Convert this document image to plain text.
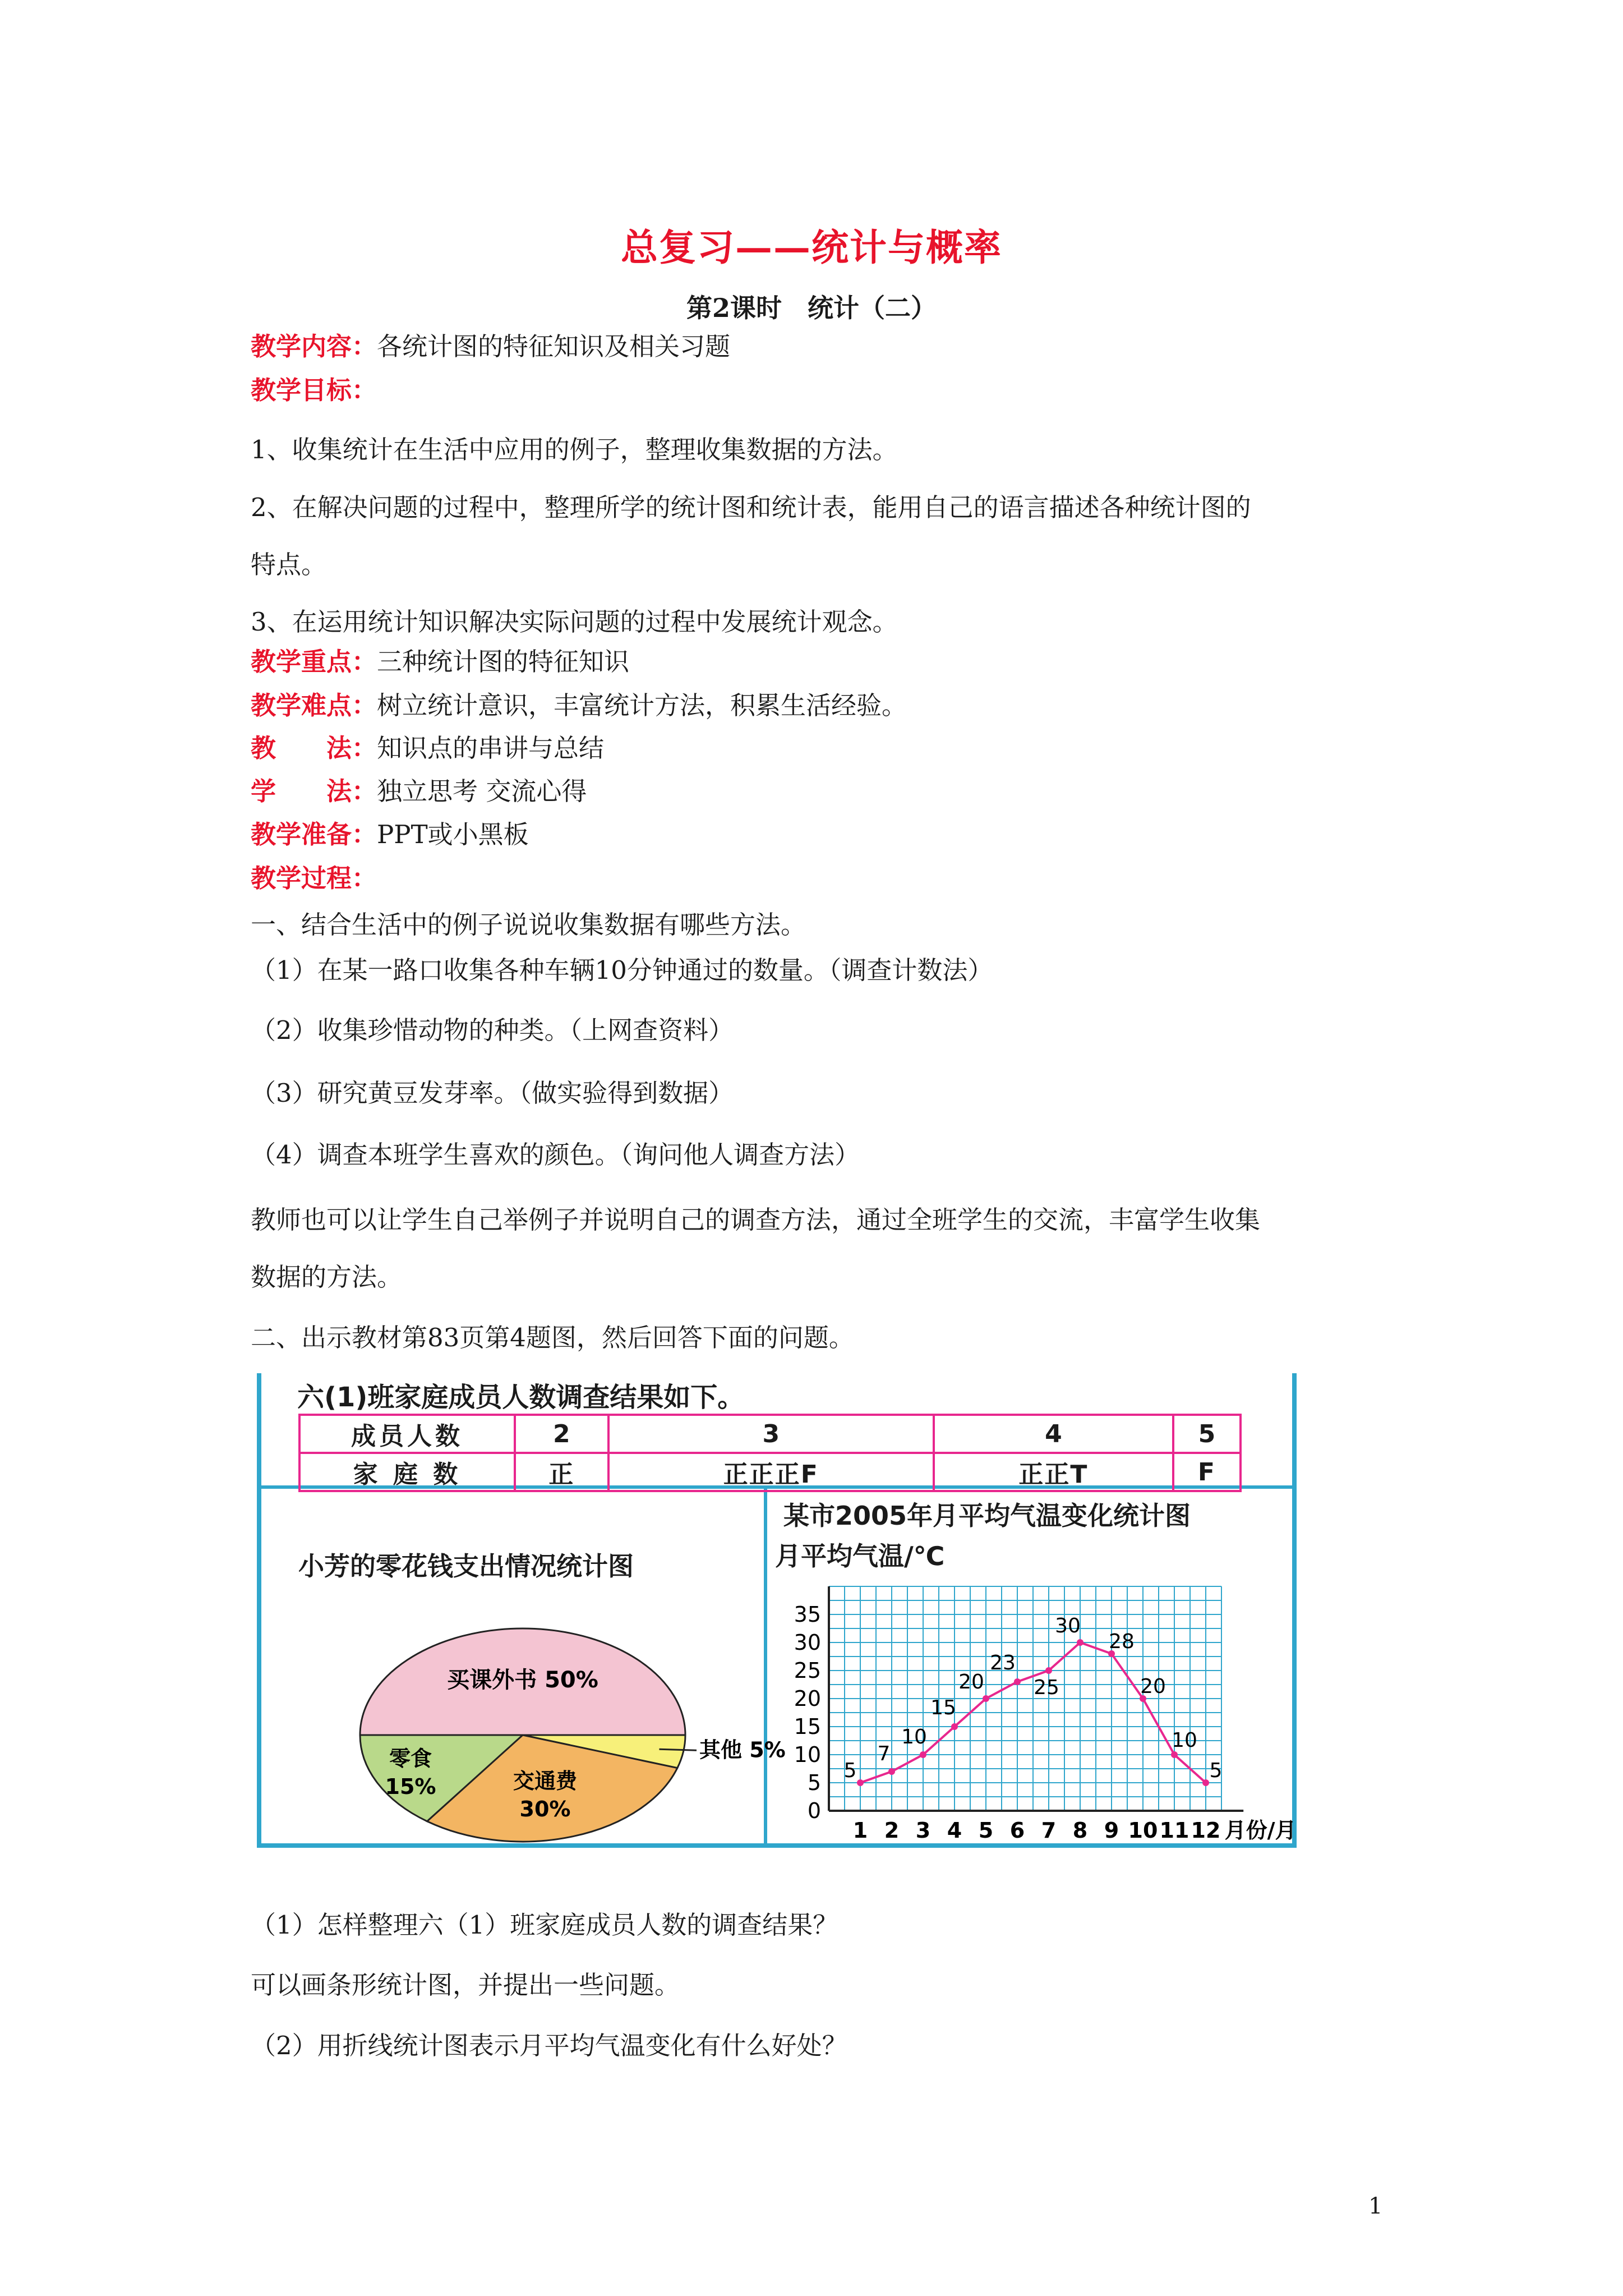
总复习——统计与概率
第2课时　统计（二）
教学内容：各统计图的特征知识及相关习题
教学目标：
1、收集统计在生活中应用的例子，整理收集数据的方法。
2、在解决问题的过程中，整理所学的统计图和统计表，能用自己的语言描述各种统计图的
特点。
3、在运用统计知识解决实际问题的过程中发展统计观念。
教学重点：三种统计图的特征知识
教学难点：树立统计意识，丰富统计方法，积累生活经验。
教　　法：知识点的串讲与总结
学　　法：独立思考 交流心得
教学准备：PPT或小黑板
教学过程：
一、结合生活中的例子说说收集数据有哪些方法。
（1）在某一路口收集各种车辆10分钟通过的数量。（调查计数法）
（2）收集珍惜动物的种类。（上网查资料）
（3）研究黄豆发芽率。（做实验得到数据）
（4）调查本班学生喜欢的颜色。（询问他人调查方法）
教师也可以让学生自己举例子并说明自己的调查方法，通过全班学生的交流，丰富学生收集
数据的方法。
二、出示教材第83页第4题图，然后回答下面的问题。
六(1)班家庭成员人数调查结果如下。
成员人数	2	3	4	5
家 庭 数	正	正正正F	正正T	F
小芳的零花钱支出情况统计图
买课外书 50%
交通费
30%
零食
15%
其他 5%
某市2005年月平均气温变化统计图
月平均气温/℃
0
5
10
15
20
25
30
35
1 2 3 4 5 6 7 8 9 10 11 12 月份/月
5
7
10
15
20
23
25
30
28
20
10
5
（1）怎样整理六（1）班家庭成员人数的调查结果？
可以画条形统计图，并提出一些问题。
（2）用折线统计图表示月平均气温变化有什么好处？
1
